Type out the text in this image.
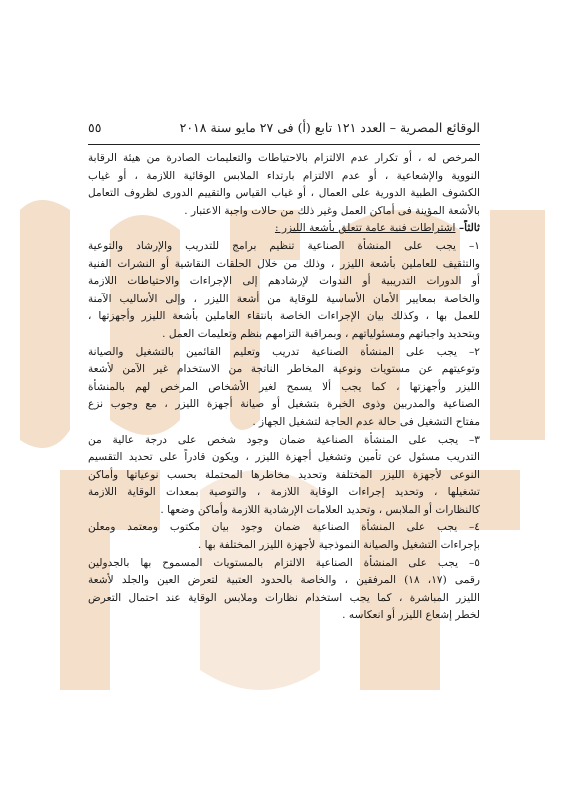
الوقائع المصرية – العدد ١٢١ تابع (أ) فى ٢٧ مايو سنة ٢٠١٨
٥٥
المرخص له ، أو تكرار عدم الالتزام بالاحتياطات والتعليمات الصادرة من هيئة الرقابة
النووية والإشعاعية ، أو عدم الالتزام بارتداء الملابس الوقائية اللازمة ، أو غياب
الكشوف الطبية الدورية على العمال ، أو غياب القياس والتقييم الدورى لظروف التعامل
بالأشعة المؤينة فى أماكن العمل وغير ذلك من حالات واجبة الاعتبار .
ثالثاً– اشتراطات فنية عامة تتعلق بأشعة الليزر :
١– يجب على المنشأة الصناعية تنظيم برامج للتدريب والإرشاد والتوعية
والتثقيف للعاملين بأشعة الليزر ، وذلك من خلال الحلقات النقاشية أو النشرات الفنية
أو الدورات التدريبية أو الندوات لإرشادهم إلى الإجراءات والاحتياطات اللازمة
والخاصة بمعايير الأمان الأساسية للوقاية من أشعة الليزر ، وإلى الأساليب الآمنة
للعمل بها ، وكذلك بيان الإجراءات الخاصة بانتقاء العاملين بأشعة الليزر وأجهزتها ،
وبتحديد واجباتهم ومسئولياتهم ، وبمراقبة التزامهم بنظم وتعليمات العمل .
٢– يجب على المنشأة الصناعية تدريب وتعليم القائمين بالتشغيل والصيانة
وتوعيتهم عن مستويات ونوعية المخاطر الناتجة من الاستخدام غير الآمن لأشعة
الليزر وأجهزتها ، كما يجب ألا يسمح لغير الأشخاص المرخص لهم بالمنشأة
الصناعية والمدربين وذوى الخبرة بتشغيل أو صيانة أجهزة الليزر ، مع وجوب نزع
مفتاح التشغيل فى حالة عدم الحاجة لتشغيل الجهاز .
٣– يجب على المنشأة الصناعية ضمان وجود شخص على درجة عالية من
التدريب مسئول عن تأمين وتشغيل أجهزة الليزر ، ويكون قادراً على تحديد التقسيم
النوعى لأجهزة الليزر المختلفة وتحديد مخاطرها المحتملة بحسب نوعياتها وأماكن
تشغيلها ، وتحديد إجراءات الوقاية اللازمة ، والتوصية بمعدات الوقاية اللازمة
كالنظارات أو الملابس ، وتحديد العلامات الإرشادية اللازمة وأماكن وضعها .
٤– يجب على المنشأة الصناعية ضمان وجود بيان مكتوب ومعتمد ومعلن
بإجراءات التشغيل والصيانة النموذجية لأجهزة الليزر المختلفة بها .
٥– يجب على المنشأة الصناعية الالتزام بالمستويات المسموح بها بالجدولين
رقمى (١٧، ١٨) المرفقين ، والخاصة بالحدود العتبية لتعرض العين والجلد لأشعة
الليزر المباشرة ، كما يجب استخدام نظارات وملابس الوقاية عند احتمال التعرض
لخطر إشعاع الليزر أو انعكاسه .
